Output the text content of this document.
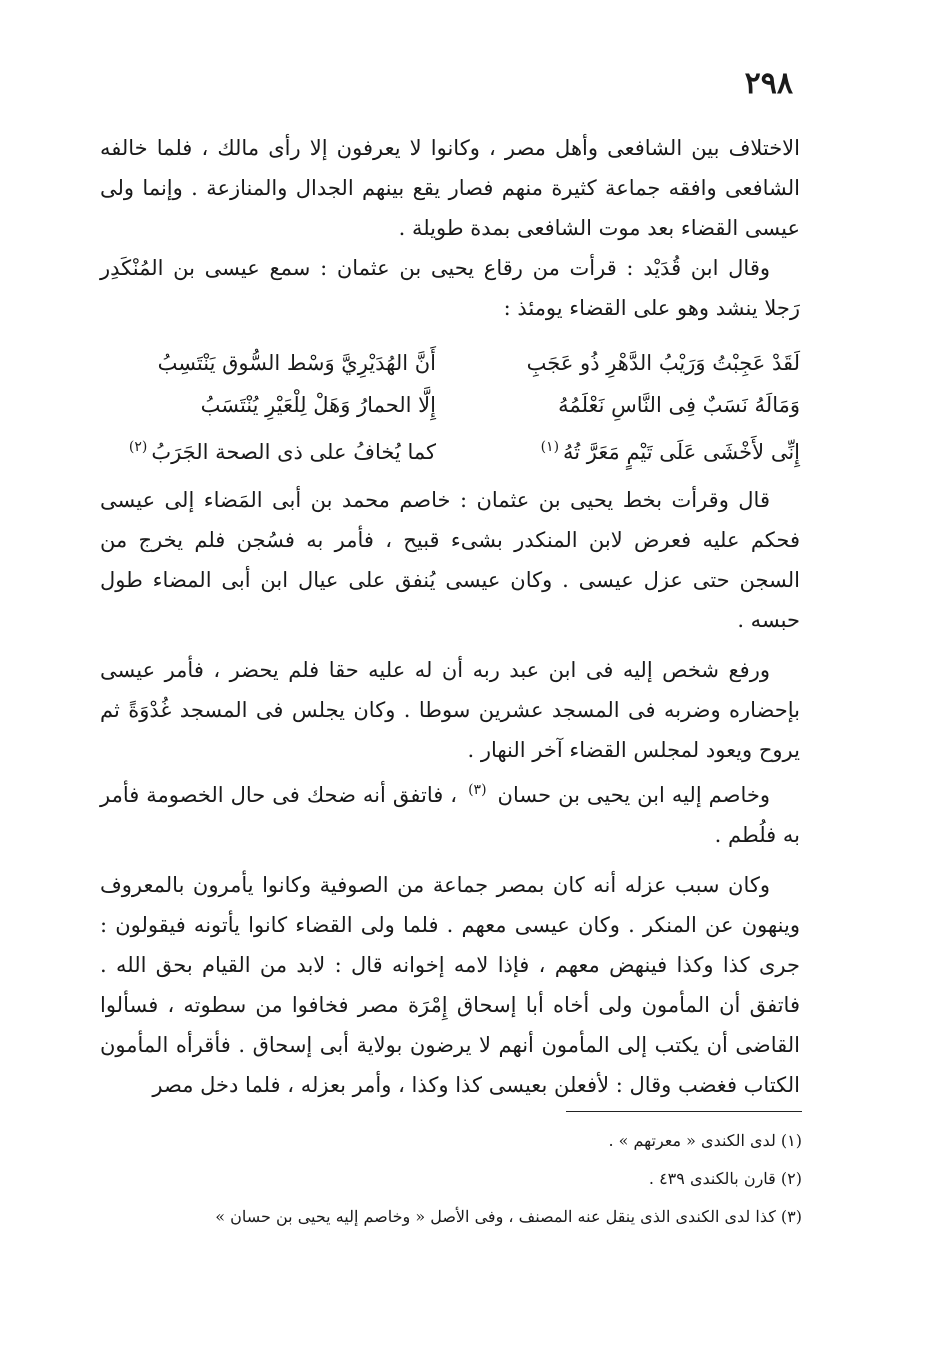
٢٩٨

الاختلاف بين الشافعى وأهل مصر ، وكانوا لا يعرفون إلا رأى مالك ، فلما خالفه الشافعى وافقه جماعة كثيرة منهم فصار يقع بينهم الجدال والمنازعة . وإنما ولى عيسى القضاء بعد موت الشافعى بمدة طويلة .

وقال ابن قُدَيْد : قرأت من رقاع يحيى بن عثمان : سمع عيسى بن المُنْكَدِر رَجلا ينشد وهو على القضاء يومئذ :

لَقَدْ عَجِبْتُ وَرَيْبُ الدَّهْرِ ذُو عَجَبِ
أَنَّ الهُدَيْرِيَّ وَسْط السُّوق يَنْتَسِبُ
وَمَالَهُ نَسَبٌ فِى النَّاسِ نَعْلَمُهُ
إِلَّا الحمارُ وَهَلْ لِلْعَيْرِ يُنْتَسَبُ
إِنِّى لأَخْشَى عَلَى تَيْمٍ مَعَرَّ تُهُ$^{(١)}$
كما يُخافُ على ذى الصحة الجَرَبُ$^{(٢)}$

قال وقرأت بخط يحيى بن عثمان : خاصم محمد بن أبى المَضاء إلى عيسى فحكم عليه فعرض لابن المنكدر بشىء قبيح ، فأمر به فسُجن فلم يخرج من السجن حتى عزل عيسى . وكان عيسى يُنفق على عيال ابن أبى المضاء طول حبسه .

ورفع شخص إليه فى ابن عبد ربه أن له عليه حقا فلم يحضر ، فأمر عيسى بإحضاره وضربه فى المسجد عشرين سوطا . وكان يجلس فى المسجد غُدْوَةً ثم يروح ويعود لمجلس القضاء آخر النهار .

وخاصم إليه ابن يحيى بن حسان $^{(٣)}$ ، فاتفق أنه ضحك فى حال الخصومة فأمر به فلُطم .

وكان سبب عزله أنه كان بمصر جماعة من الصوفية وكانوا يأمرون بالمعروف وينهون عن المنكر . وكان عيسى معهم . فلما ولى القضاء كانوا يأتونه فيقولون : جرى كذا وكذا فينهض معهم ، فإذا لامه إخوانه قال : لابد من القيام بحق الله . فاتفق أن المأمون ولى أخاه أبا إسحاق إِمْرَة مصر فخافوا من سطوته ، فسألوا القاضى أن يكتب إلى المأمون أنهم لا يرضون بولاية أبى إسحاق . فأقرأه المأمون الكتاب فغضب وقال : لأفعلن بعيسى كذا وكذا ، وأمر بعزله ، فلما دخل مصر

(١) لدى الكندى « معرتهم » .
(٢) قارن بالكندى ٤٣٩ .
(٣) كذا لدى الكندى الذى ينقل عنه المصنف ، وفى الأصل « وخاصم إليه يحيى بن حسان »
